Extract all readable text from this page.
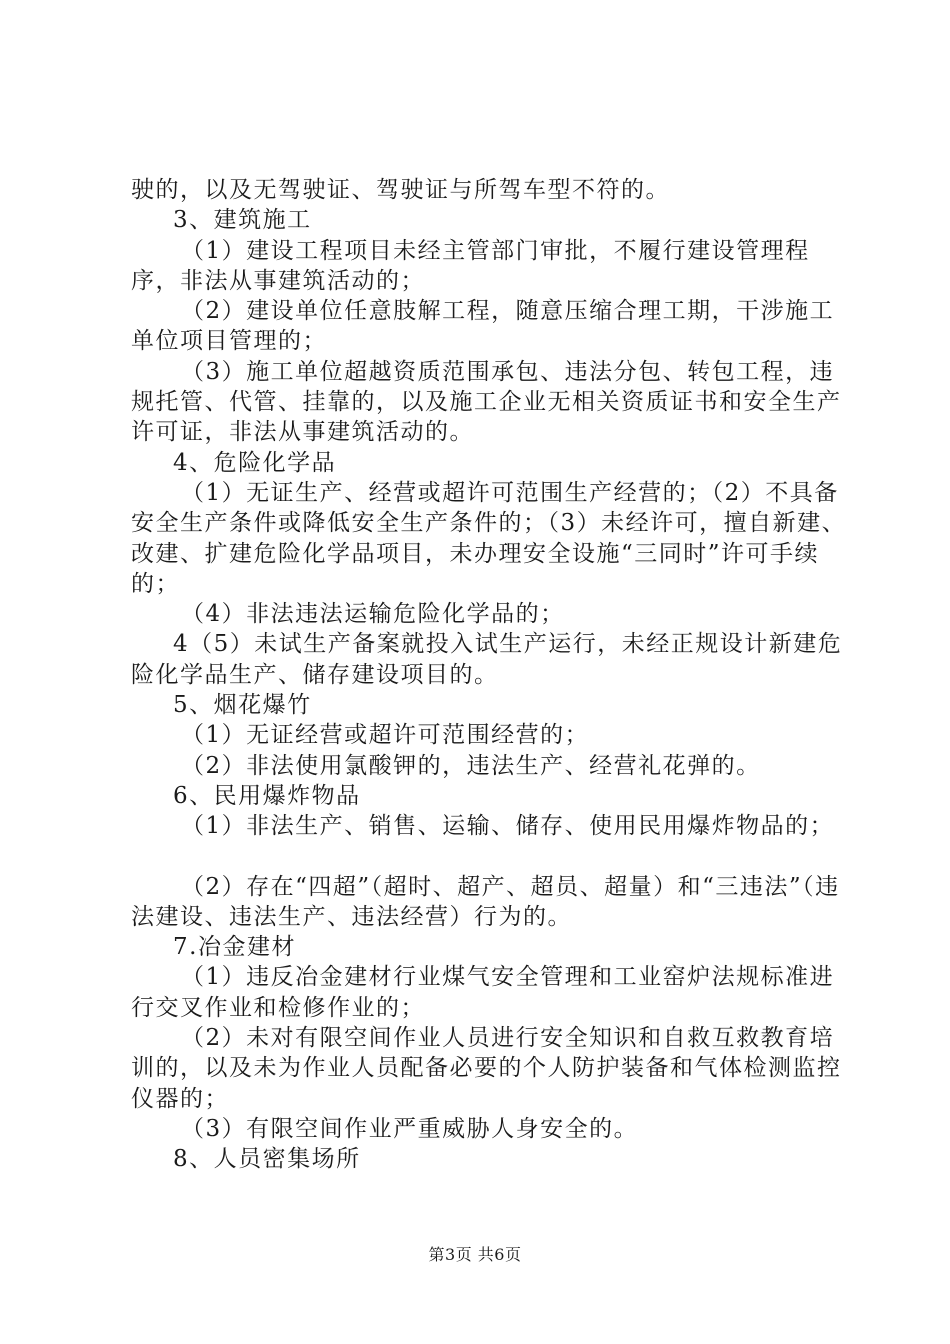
驶的，以及无驾驶证、驾驶证与所驾车型不符的。

3、建筑施工

（1）建设工程项目未经主管部门审批，不履行建设管理程序，非法从事建筑活动的；

（2）建设单位任意肢解工程，随意压缩合理工期，干涉施工单位项目管理的；

（3）施工单位超越资质范围承包、违法分包、转包工程，违规托管、代管、挂靠的，以及施工企业无相关资质证书和安全生产许可证，非法从事建筑活动的。

4、危险化学品

（1）无证生产、经营或超许可范围生产经营的；（2）不具备安全生产条件或降低安全生产条件的；（3）未经许可，擅自新建、改建、扩建危险化学品项目，未办理安全设施“三同时”许可手续的；

（4）非法违法运输危险化学品的；

4（5）未试生产备案就投入试生产运行，未经正规设计新建危险化学品生产、储存建设项目的。

5、烟花爆竹

（1）无证经营或超许可范围经营的；

（2）非法使用氯酸钾的，违法生产、经营礼花弹的。

6、民用爆炸物品

（1）非法生产、销售、运输、储存、使用民用爆炸物品的；

（2）存在“四超”（超时、超产、超员、超量）和“三违法”（违法建设、违法生产、违法经营）行为的。

7.冶金建材

（1）违反冶金建材行业煤气安全管理和工业窑炉法规标准进行交叉作业和检修作业的；

（2）未对有限空间作业人员进行安全知识和自救互救教育培训的，以及未为作业人员配备必要的个人防护装备和气体检测监控仪器的；

（3）有限空间作业严重威胁人身安全的。

8、人员密集场所

第3页 共6页
